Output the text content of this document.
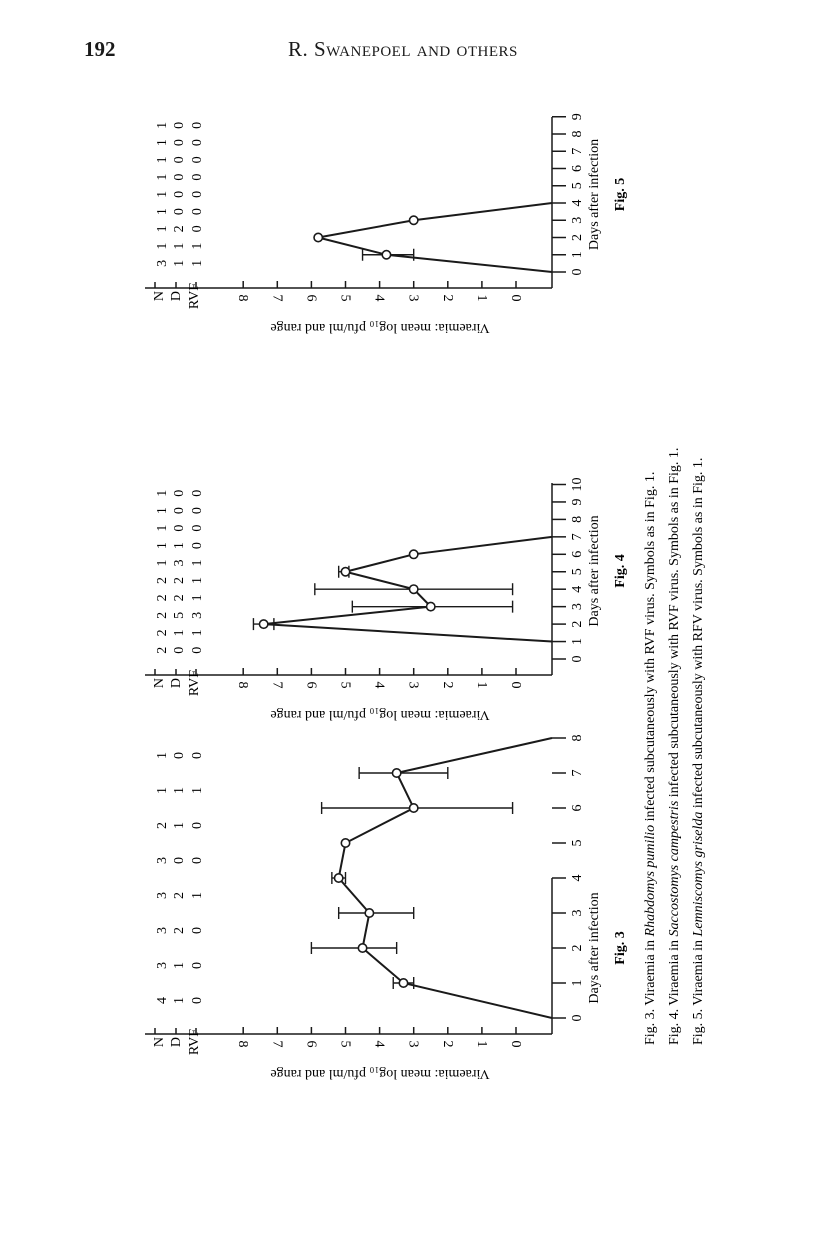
192	R. Swanepoel and others
8 7 6 5 4 3 2 1 0
0
1
2
3
4
5
6
7
8
Days after infection Fig. 3
Viraemia: mean log₁₀ pfu/ml and range
N
4
3
3
3
3
2
1
1
D
1
1
2
2
0
1
1
0
RVF
0
0
0
1
0
0
1
0
8 7 6 5 4 3 2 1 0
0
1
2
3
4
5
6
7
8
9
10
Days after infection Fig. 4
Viraemia: mean log₁₀ pfu/ml and range
N
2
2
2
2
2
1
1
1
1
1
D
0
1
5
2
2
3
1
0
0
0
RVF
0
1
3
1
1
1
0
0
0
0
8 7 6 5 4 3 2 1 0
0
1
2
3
4
5
6
7
8
9
Days after infection Fig. 5
Viraemia: mean log₁₀ pfu/ml and range
N
3
1
1
1
1
1
1
1
1
D
1
1
2
0
0
0
0
0
0
RVF
1
1
0
0
0
0
0
0
0
Fig. 3. Viraemia in Rhabdomys pumilio infected subcutaneously with RVF virus. Symbols as in Fig. 1.
Fig. 4. Viraemia in Saccostomys campestris infected subcutaneously with RVF virus. Symbols as in Fig. 1.
Fig. 5. Viraemia in Lemniscomys griselda infected subcutaneously with RFV virus. Symbols as in Fig. 1.
